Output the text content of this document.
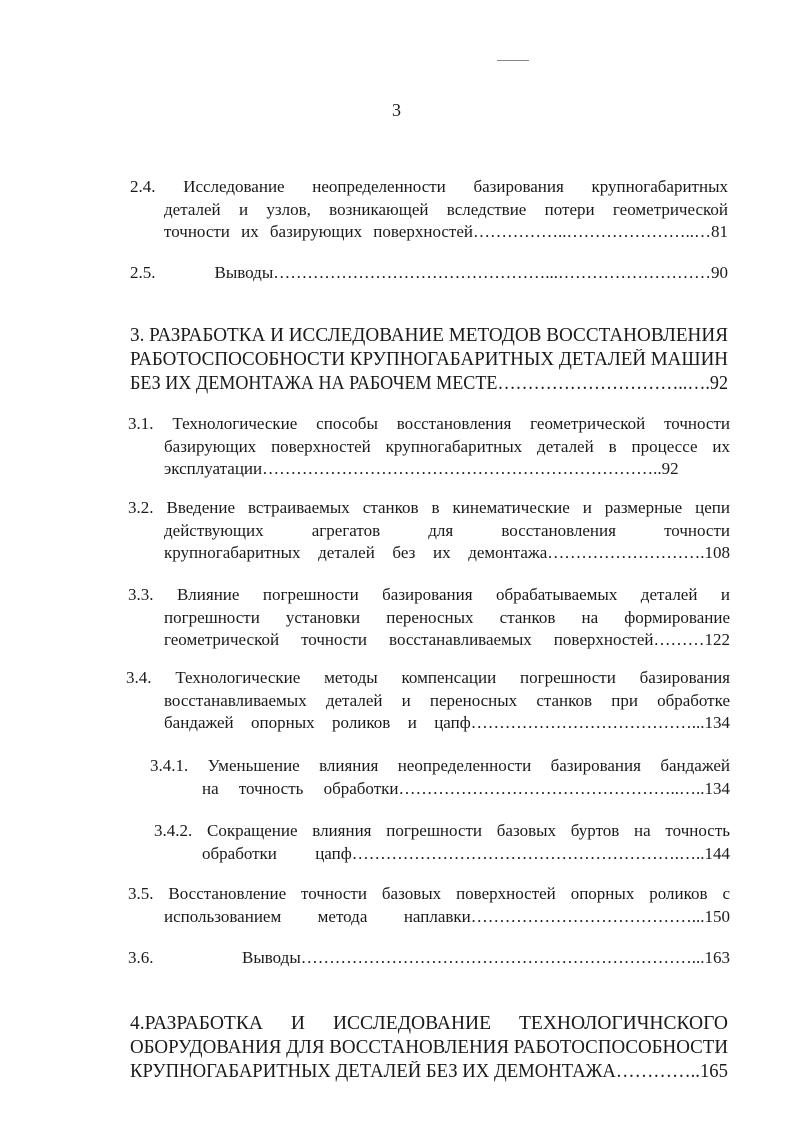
3
2.4. Исследование неопределенности базирования крупногабаритных
деталей и узлов, возникающей вследствие потери геометрической
точности их базирующих поверхностей……………..…………………..…81
2.5. Выводы…………………………………………...………………………90
3. РАЗРАБОТКА И ИССЛЕДОВАНИЕ МЕТОДОВ ВОССТАНОВЛЕНИЯ
РАБОТОСПОСОБНОСТИ КРУПНОГАБАРИТНЫХ ДЕТАЛЕЙ МАШИН
БЕЗ ИХ ДЕМОНТАЖА НА РАБОЧЕМ МЕСТЕ…………………………..….92
3.1. Технологические способы восстановления геометрической точности
базирующих поверхностей крупногабаритных деталей в процессе их
эксплуатации……………………………………………………………..92
3.2. Введение встраиваемых станков в кинематические и размерные цепи
действующих агрегатов для восстановления точности
крупногабаритных деталей без их демонтажа……………………….108
3.3. Влияние погрешности базирования обрабатываемых деталей и
погрешности установки переносных станков на формирование
геометрической точности восстанавливаемых поверхностей………122
3.4. Технологические методы компенсации погрешности базирования
восстанавливаемых деталей и переносных станков при обработке
бандажей опорных роликов и цапф…………………………………...134
3.4.1. Уменьшение влияния неопределенности базирования бандажей
на точность обработки…………………………………………..…..134
3.4.2. Сокращение влияния погрешности базовых буртов на точность
обработки цапф………………………………………………….…..144
3.5. Восстановление точности базовых поверхностей опорных роликов с
использованием метода наплавки…………………………………...150
3.6. Выводы……………………………………………………………...163
4.РАЗРАБОТКА И ИССЛЕДОВАНИЕ ТЕХНОЛОГИЧНСКОГО
ОБОРУДОВАНИЯ ДЛЯ ВОССТАНОВЛЕНИЯ РАБОТОСПОСОБНОСТИ
КРУПНОГАБАРИТНЫХ ДЕТАЛЕЙ БЕЗ ИХ ДЕМОНТАЖА…………..165
